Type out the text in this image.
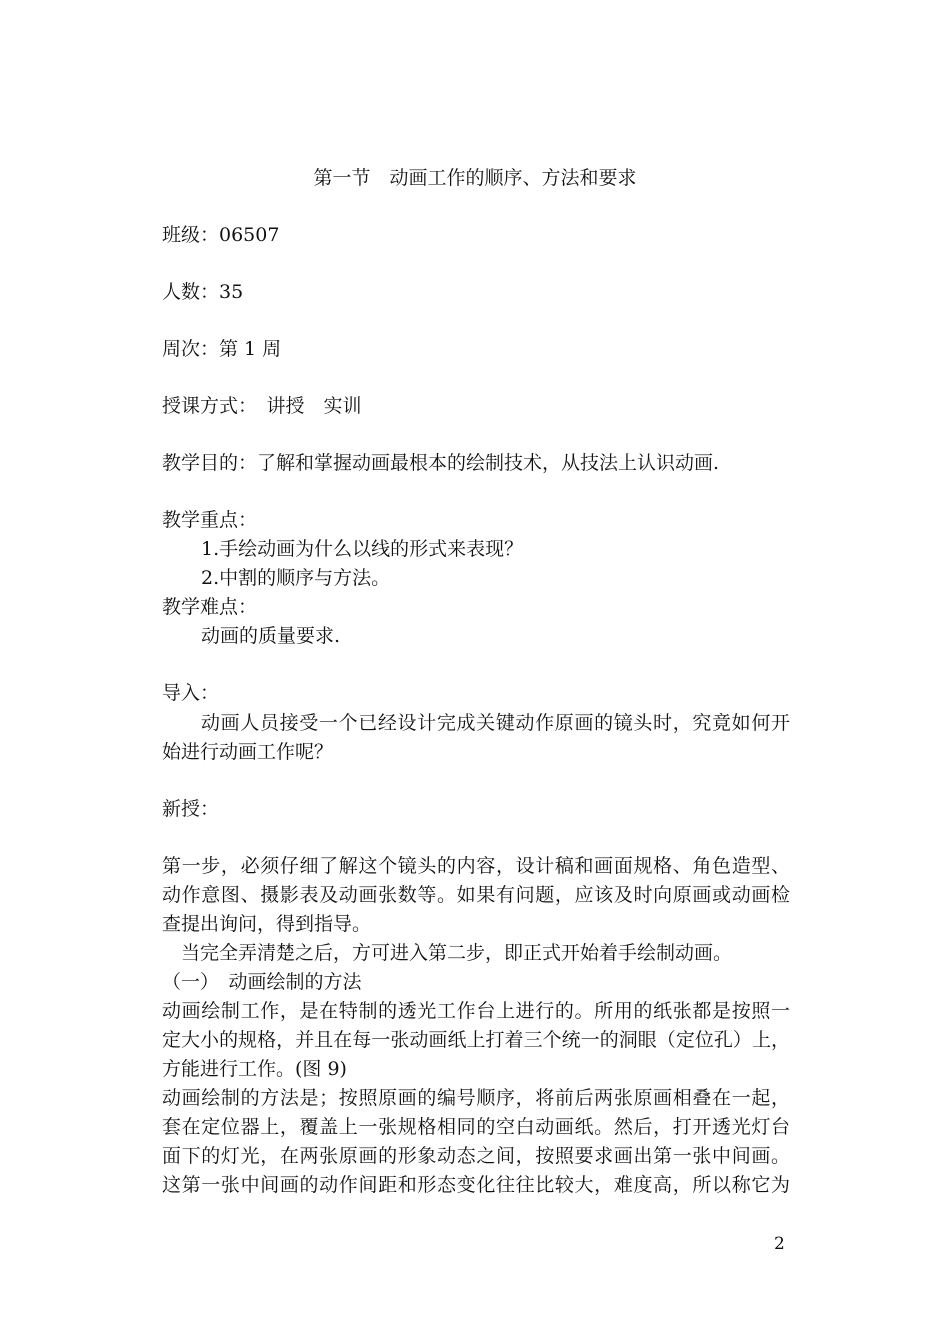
第一节　动画工作的顺序、方法和要求
班级：06507
人数：35
周次：第 1 周
授课方式：　讲授　实训
教学目的：了解和掌握动画最根本的绘制技术，从技法上认识动画.
教学重点：
1.手绘动画为什么以线的形式来表现？
2.中割的顺序与方法。
教学难点：
动画的质量要求.
导入：
动画人员接受一个已经设计完成关键动作原画的镜头时，究竟如何开
始进行动画工作呢？
新授：
第一步，必须仔细了解这个镜头的内容，设计稿和画面规格、角色造型、
动作意图、摄影表及动画张数等。如果有问题，应该及时向原画或动画检
查提出询问，得到指导。
当完全弄清楚之后，方可进入第二步，即正式开始着手绘制动画。
（一）　动画绘制的方法
动画绘制工作，是在特制的透光工作台上进行的。所用的纸张都是按照一
定大小的规格，并且在每一张动画纸上打着三个统一的洞眼（定位孔）上，
方能进行工作。(图 9)
动画绘制的方法是；按照原画的编号顺序，将前后两张原画相叠在一起，
套在定位器上，覆盖上一张规格相同的空白动画纸。然后，打开透光灯台
面下的灯光，在两张原画的形象动态之间，按照要求画出第一张中间画。
这第一张中间画的动作间距和形态变化往往比较大，难度高，所以称它为
2
